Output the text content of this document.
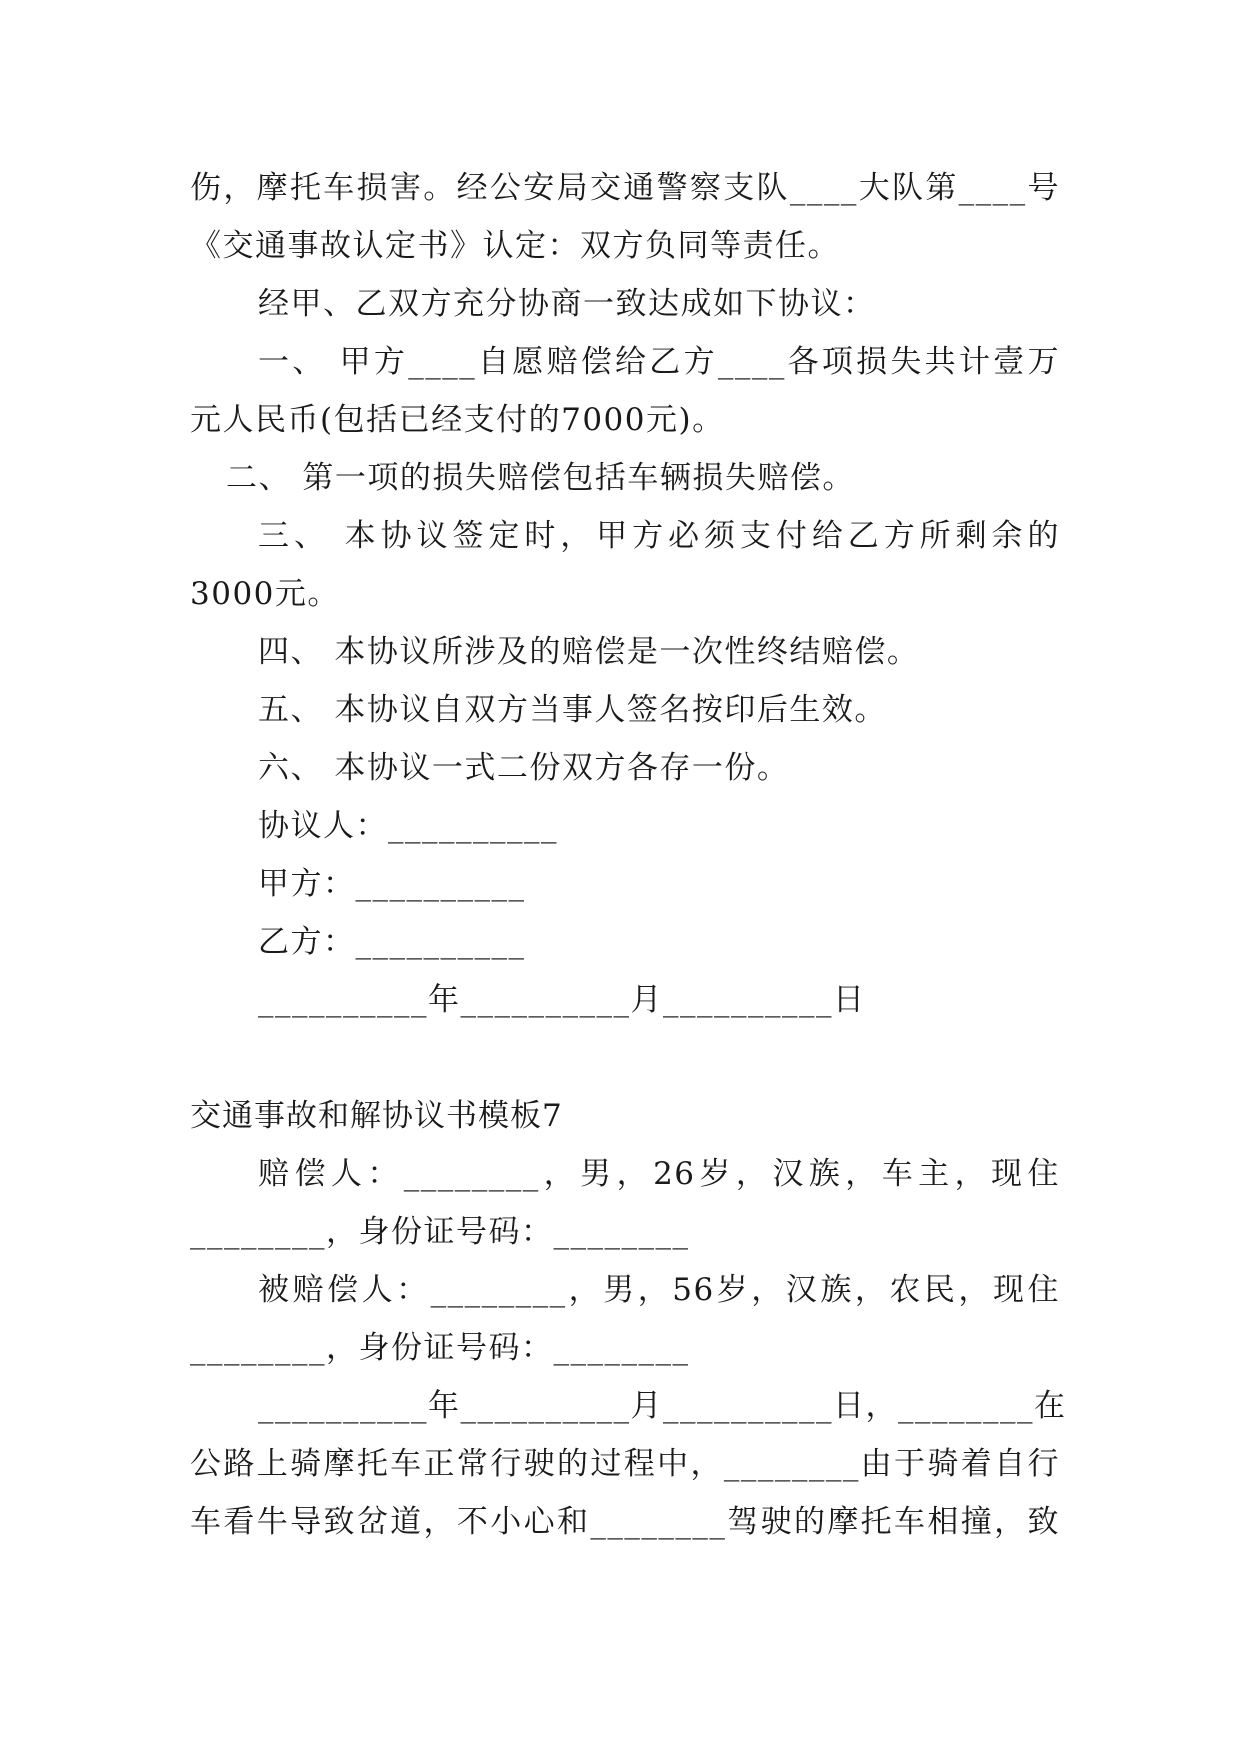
伤，摩托车损害。经公安局交通警察支队____大队第____号
《交通事故认定书》认定：双方负同等责任。
经甲、乙双方充分协商一致达成如下协议：
一、 甲方____自愿赔偿给乙方____各项损失共计壹万
元人民币(包括已经支付的7000元)。
二、 第一项的损失赔偿包括车辆损失赔偿。
三、 本协议签定时，甲方必须支付给乙方所剩余的
3000元。
四、 本协议所涉及的赔偿是一次性终结赔偿。
五、 本协议自双方当事人签名按印后生效。
六、 本协议一式二份双方各存一份。
协议人：__________
甲方：__________
乙方：__________
__________年__________月__________日
交通事故和解协议书模板7
赔偿人：________，男，26岁，汉族，车主，现住
________，身份证号码：________
被赔偿人：________，男，56岁，汉族，农民，现住
________，身份证号码：________
__________年__________月__________日，________在
公路上骑摩托车正常行驶的过程中，________由于骑着自行
车看牛导致岔道，不小心和________驾驶的摩托车相撞，致
